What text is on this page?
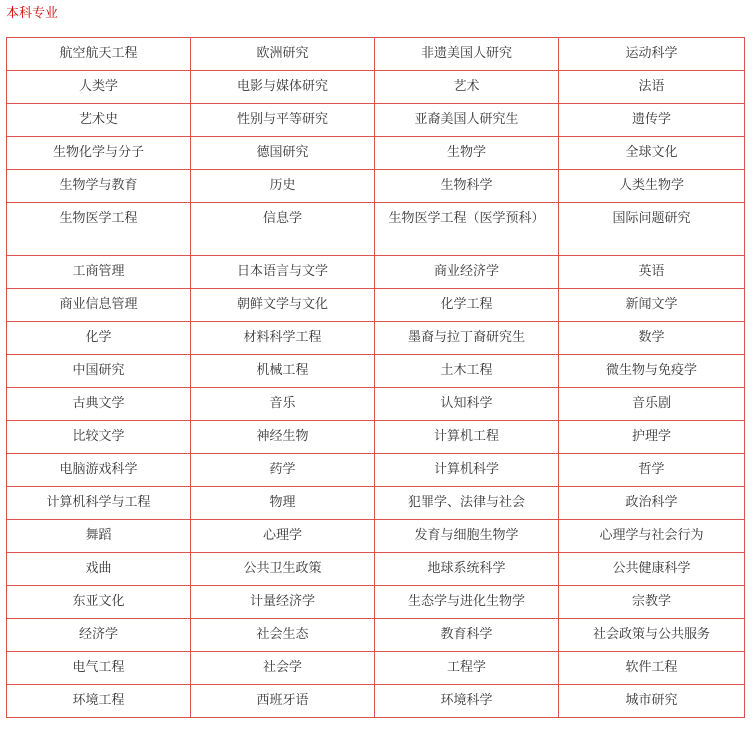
本科专业
航空航天工程	欧洲研究	非遗美国人研究	运动科学
人类学	电影与媒体研究	艺术	法语
艺术史	性别与平等研究	亚裔美国人研究生	遗传学
生物化学与分子	德国研究	生物学	全球文化
生物学与教育	历史	生物科学	人类生物学
生物医学工程	信息学	生物医学工程（医学预科）	国际问题研究
工商管理	日本语言与文学	商业经济学	英语
商业信息管理	朝鲜文学与文化	化学工程	新闻文学
化学	材料科学工程	墨裔与拉丁裔研究生	数学
中国研究	机械工程	土木工程	微生物与免疫学
古典文学	音乐	认知科学	音乐剧
比较文学	神经生物	计算机工程	护理学
电脑游戏科学	药学	计算机科学	哲学
计算机科学与工程	物理	犯罪学、法律与社会	政治科学
舞蹈	心理学	发育与细胞生物学	心理学与社会行为
戏曲	公共卫生政策	地球系统科学	公共健康科学
东亚文化	计量经济学	生态学与进化生物学	宗教学
经济学	社会生态	教育科学	社会政策与公共服务
电气工程	社会学	工程学	软件工程
环境工程	西班牙语	环境科学	城市研究
